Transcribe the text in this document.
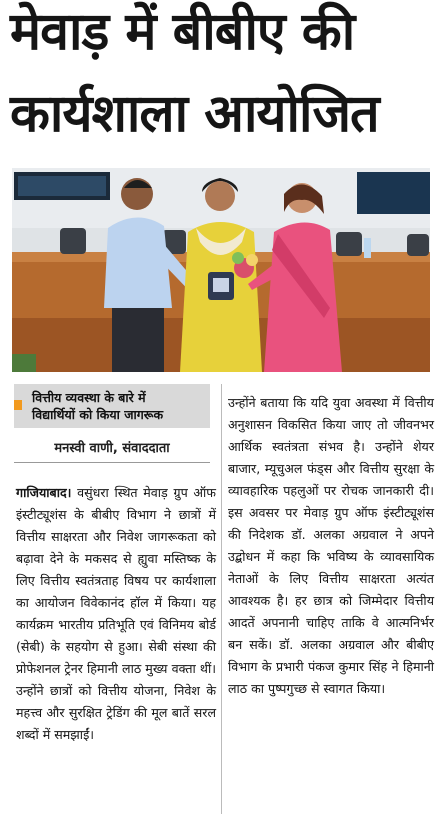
मेवाड़ में बीबीए की
कार्यशाला आयोजित
वित्तीय व्यवस्था के बारे में
विद्यार्थियों को किया जागरूक
मनस्वी वाणी, संवाददाता
गाजियाबाद। वसुंधरा स्थित मेवाड़ ग्रुप ऑफ इंस्टीट्यूशंस के बीबीए विभाग ने छात्रों में वित्तीय साक्षरता और निवेश जागरूकता को बढ़ावा देने के मकसद से ह्युवा मस्तिष्क के लिए वित्तीय स्वतंत्रताह विषय पर कार्यशाला का आयोजन विवेकानंद हॉल में किया। यह कार्यक्रम भारतीय प्रतिभूति एवं विनिमय बोर्ड (सेबी) के सहयोग से हुआ। सेबी संस्था की प्रोफेशनल ट्रेनर हिमानी लाठ मुख्य वक्ता थीं। उन्होंने छात्रों को वित्तीय योजना, निवेश के महत्त्व और सुरक्षित ट्रेडिंग की मूल बातें सरल शब्दों में समझाईं।
उन्होंने बताया कि यदि युवा अवस्था में वित्तीय अनुशासन विकसित किया जाए तो जीवनभर आर्थिक स्वतंत्रता संभव है। उन्होंने शेयर बाजार, म्यूचुअल फंड्स और वित्तीय सुरक्षा के व्यावहारिक पहलुओं पर रोचक जानकारी दी। इस अवसर पर मेवाड़ ग्रुप ऑफ इंस्टीट्यूशंस की निदेशक डॉ. अलका अग्रवाल ने अपने उद्बोधन में कहा कि भविष्य के व्यावसायिक नेताओं के लिए वित्तीय साक्षरता अत्यंत आवश्यक है। हर छात्र को जिम्मेदार वित्तीय आदतें अपनानी चाहिए ताकि वे आत्मनिर्भर बन सकें। डॉ. अलका अग्रवाल और बीबीए विभाग के प्रभारी पंकज कुमार सिंह ने हिमानी लाठ का पुष्पगुच्छ से स्वागत किया।
